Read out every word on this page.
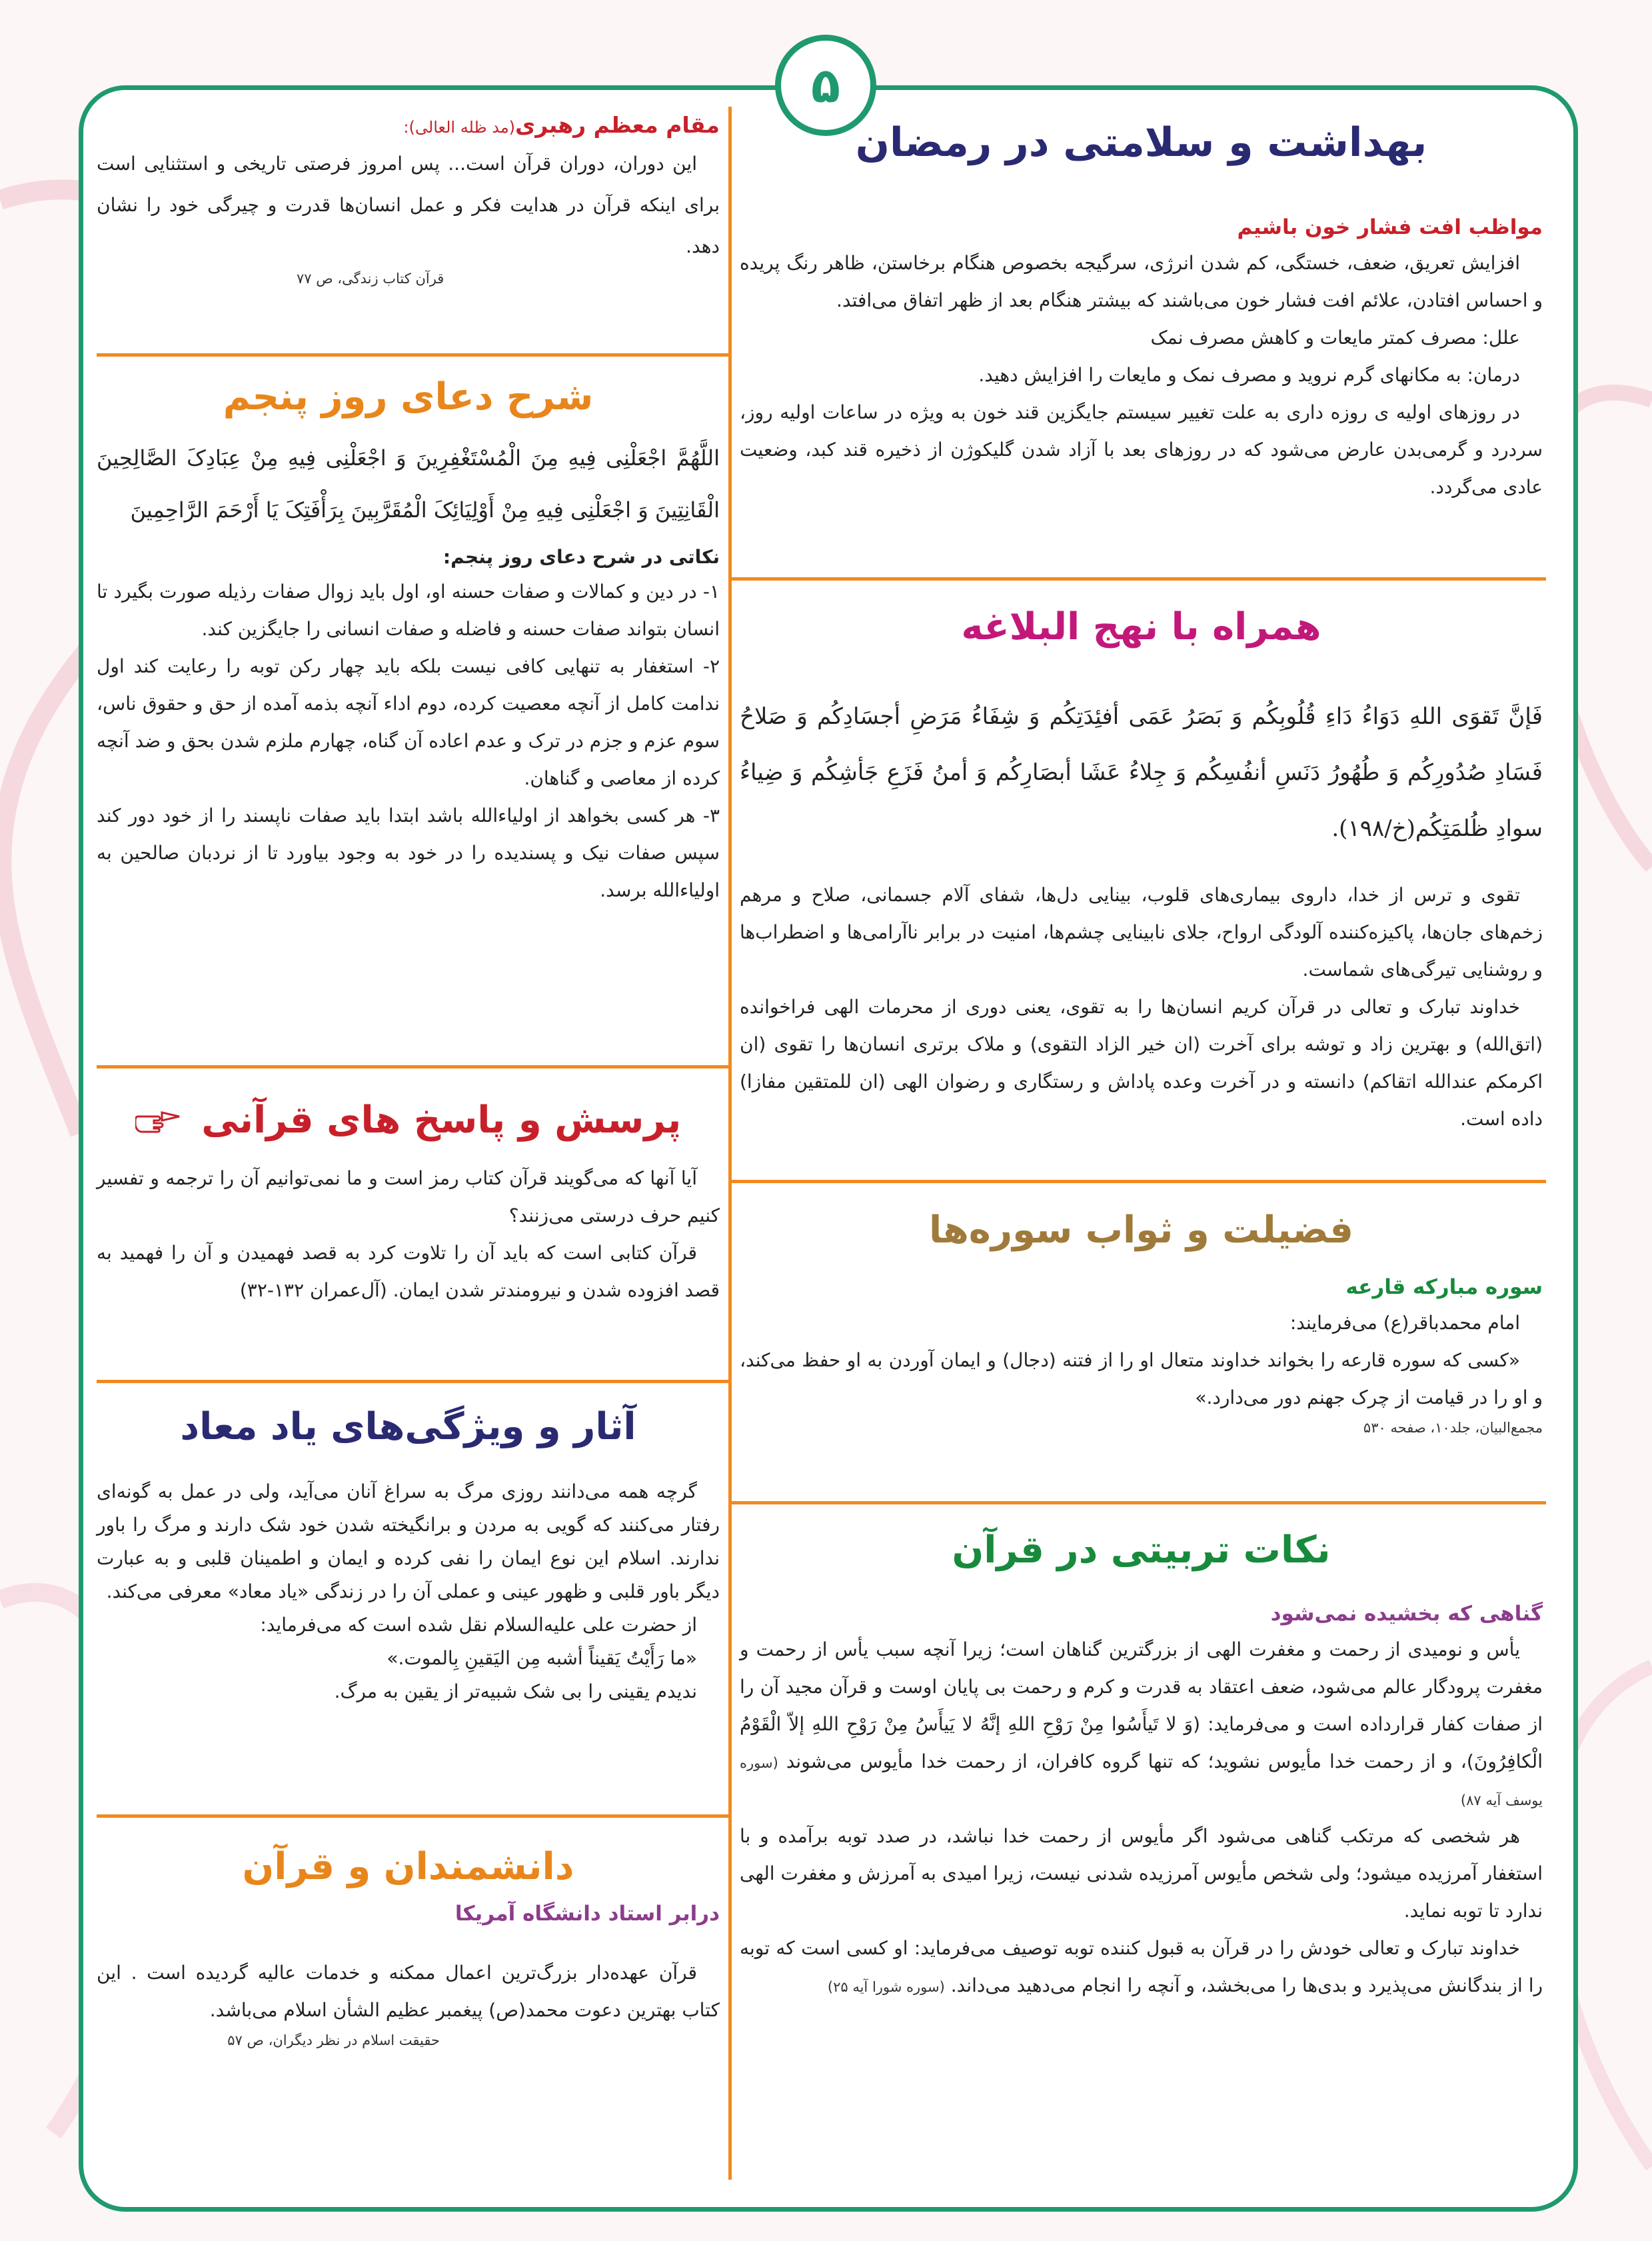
۵
بهداشت و سلامتی در رمضان
مواظب افت فشار خون باشیم

افزایش تعریق، ضعف، خستگی، کم شدن انرژی، سرگیجه بخصوص هنگام برخاستن، ظاهر رنگ پریده و احساس افتادن، علائم افت فشار خون می‌باشند که بیشتر هنگام بعد از ظهر اتفاق می‌افتد.

علل: مصرف کمتر مایعات و کاهش مصرف نمک

درمان: به مکانهای گرم نروید و مصرف نمک و مایعات را افزایش دهید.

در روزهای اولیه ی روزه داری به علت تغییر سیستم جایگزین قند خون به ویژه در ساعات اولیه روز، سردرد و گرمی‌بدن عارض می‌شود که در روزهای بعد با آزاد شدن گلیکوژن از ذخیره قند کبد، وضعیت عادی می‌گردد.

همراه با نهج البلاغه

فَإنَّ تَقوَى اللهِ دَوَاءُ دَاءِ قُلُوبِكُم وَ بَصَرُ عَمَى أفئِدَتِكُم وَ شِفَاءُ مَرَضِ أجسَادِكُم وَ صَلاحُ فَسَادِ صُدُورِكُم وَ طُهُورُ دَنَسِ أنفُسِكُم وَ جِلاءُ عَشَا أبصَارِكُم وَ أمنُ فَزَعِ جَأشِكُم وَ ضِياءُ سوادِ ظُلمَتِكُم(خ/۱۹۸).

تقوی و ترس از خدا، داروی بیماری‌های قلوب، بینایی دل‌ها، شفای آلام جسمانی، صلاح و مرهم زخم‌های جان‌ها، پاکیزه‌کننده آلودگی ارواح، جلای نابینایی چشم‌ها، امنیت در برابر ناآرامی‌ها و اضطراب‌ها و روشنایی تیرگی‌های شماست.

خداوند تبارک و تعالی در قرآن کریم انسان‌ها را به تقوی، یعنی دوری از محرمات الهی فراخوانده (اتق‌الله) و بهترین زاد و توشه برای آخرت (ان خیر الزاد التقوی) و ملاک برتری انسان‌ها را تقوی (ان اکرمکم عندالله اتقاکم) دانسته و در آخرت وعده پاداش و رستگاری و رضوان الهی (ان للمتقین مفازا) داده است.

فضیلت و ثواب سوره‌ها
سوره مبارکه قارعه

امام محمدباقر(ع) می‌فرمایند:

«کسی که سوره قارعه را بخواند خداوند متعال او را از فتنه (دجال) و ایمان آوردن به او حفظ می‌کند، و او را در قیامت از چرک جهنم دور می‌دارد.»

مجمع‌البیان، جلد۱۰، صفحه ۵۳۰
نکات تربیتی در قرآن
گناهی که بخشیده نمی‌شود

یأس و نومیدی از رحمت و مغفرت الهی از بزرگترین گناهان است؛ زیرا آنچه سبب یأس از رحمت و مغفرت پرودگار عالم می‌شود، ضعف اعتقاد به قدرت و کرم و رحمت بی پایان اوست و قرآن مجید آن را از صفات کفار قرارداده است و می‌فرماید: (وَ لا تَيأَسُوا مِنْ رَوْحِ اللهِ إنَّهُ لا يَيأَسُ مِنْ رَوْحِ اللهِ إلاّ الْقَوْمُ الْکافِرُونَ)، و از رحمت خدا مأیوس نشوید؛ که تنها گروه کافران، از رحمت خدا مأیوس می‌شوند (سوره یوسف آیه ۸۷)

هر شخصی که مرتکب گناهی می‌شود اگر مأیوس از رحمت خدا نباشد، در صدد توبه برآمده و با استغفار آمرزیده میشود؛ ولی شخص مأیوس آمرزیده شدنی نیست، زیرا امیدی به آمرزش و مغفرت الهی ندارد تا توبه نماید.

خداوند تبارک و تعالی خودش را در قرآن به قبول کننده توبه توصیف می‌فرماید: او کسی است که‌ توبه را از بندگانش می‌پذیرد و بدی‌ها را می‌بخشد، و آنچه را انجام می‌دهید می‌داند. (سوره شورا آیه ۲۵)

مقام معظم رهبری(مد ظله العالی):

این دوران، دوران قرآن است... پس امروز فرصتی تاریخی و استثنایی است برای اینکه قرآن در هدایت فکر و عمل انسان‌ها قدرت و چیرگی خود را نشان دهد.

قرآن کتاب زندگی، ص ۷۷
شرح دعای روز پنجم

اللَّهُمَّ اجْعَلْنِی فِیهِ مِنَ الْمُسْتَغْفِرِینَ وَ اجْعَلْنِی فِیهِ مِنْ عِبَادِکَ الصَّالِحِینَ الْقَانِتِینَ وَ اجْعَلْنِی فِیهِ مِنْ أَوْلِیَائِکَ الْمُقَرَّبِینَ بِرَأْفَتِکَ یَا أَرْحَمَ الرَّاحِمِینَ

نکاتی در شرح دعای روز پنجم:

۱- در دین و کمالات و صفات حسنه او، اول باید زوال صفات رذیله صورت بگیرد تا انسان بتواند صفات حسنه و فاضله و صفات انسانی را جایگزین کند.

۲- استغفار به تنهایی کافی نیست بلکه باید چهار رکن توبه را رعایت کند اول ندامت کامل از آنچه معصیت کرده، دوم اداء آنچه بذمه آمده از حق و حقوق ناس، سوم عزم و جزم در ترک و عدم اعاده آن گناه، چهارم ملزم شدن بحق و ضد آنچه کرده از معاصی و گناهان.

۳- هر کسی بخواهد از اولیاءالله باشد ابتدا باید صفات ناپسند را از خود دور کند سپس صفات نیک و پسندیده را در خود به وجود بیاورد تا از نردبان صالحین به اولیاءالله برسد.

پرسش و پاسخ های قرآنی

آیا آنها که می‌گویند قرآن کتاب رمز است و ما نمی‌توانیم آن را ترجمه و تفسیر کنیم حرف درستی می‌زنند؟

قرآن کتابی است که باید آن را تلاوت کرد به قصد فهمیدن و آن را فهمید به قصد افزوده شدن و نیرومندتر شدن ایمان. (آل‌عمران ۱۳۲-۳۲)

آثار و ویژگی‌های یاد معاد

گرچه همه می‌دانند روزی مرگ به سراغ آنان می‌آید، ولی در عمل به گونه‌ای رفتار می‌کنند که گویی به مردن و برانگیخته شدن خود شک دارند و مرگ را باور ندارند. اسلام این نوع ایمان را نفی کرده و ایمان و اطمینان قلبی و به عبارت دیگر باور قلبی و ظهور عینی و عملی آن را در زندگی «یاد معاد» معرفی می‌کند.

از حضرت علی علیه‌السلام نقل شده است که می‌فرماید:

«ما رَأَیْتُ یَقیناً أشبه مِن الیَقینِ بِالموت.»

ندیدم یقینی را بی شک شبیه‌تر از یقین به مرگ.

دانشمندان و قرآن
درابر استاد دانشگاه آمریکا

قرآن عهده‌دار بزرگ‌ترین اعمال ممکنه و خدمات عالیه گردیده است . این کتاب بهترین دعوت محمد(ص) پیغمبر عظیم الشأن اسلام می‌باشد.

حقیقت اسلام در نظر دیگران، ص ۵۷
